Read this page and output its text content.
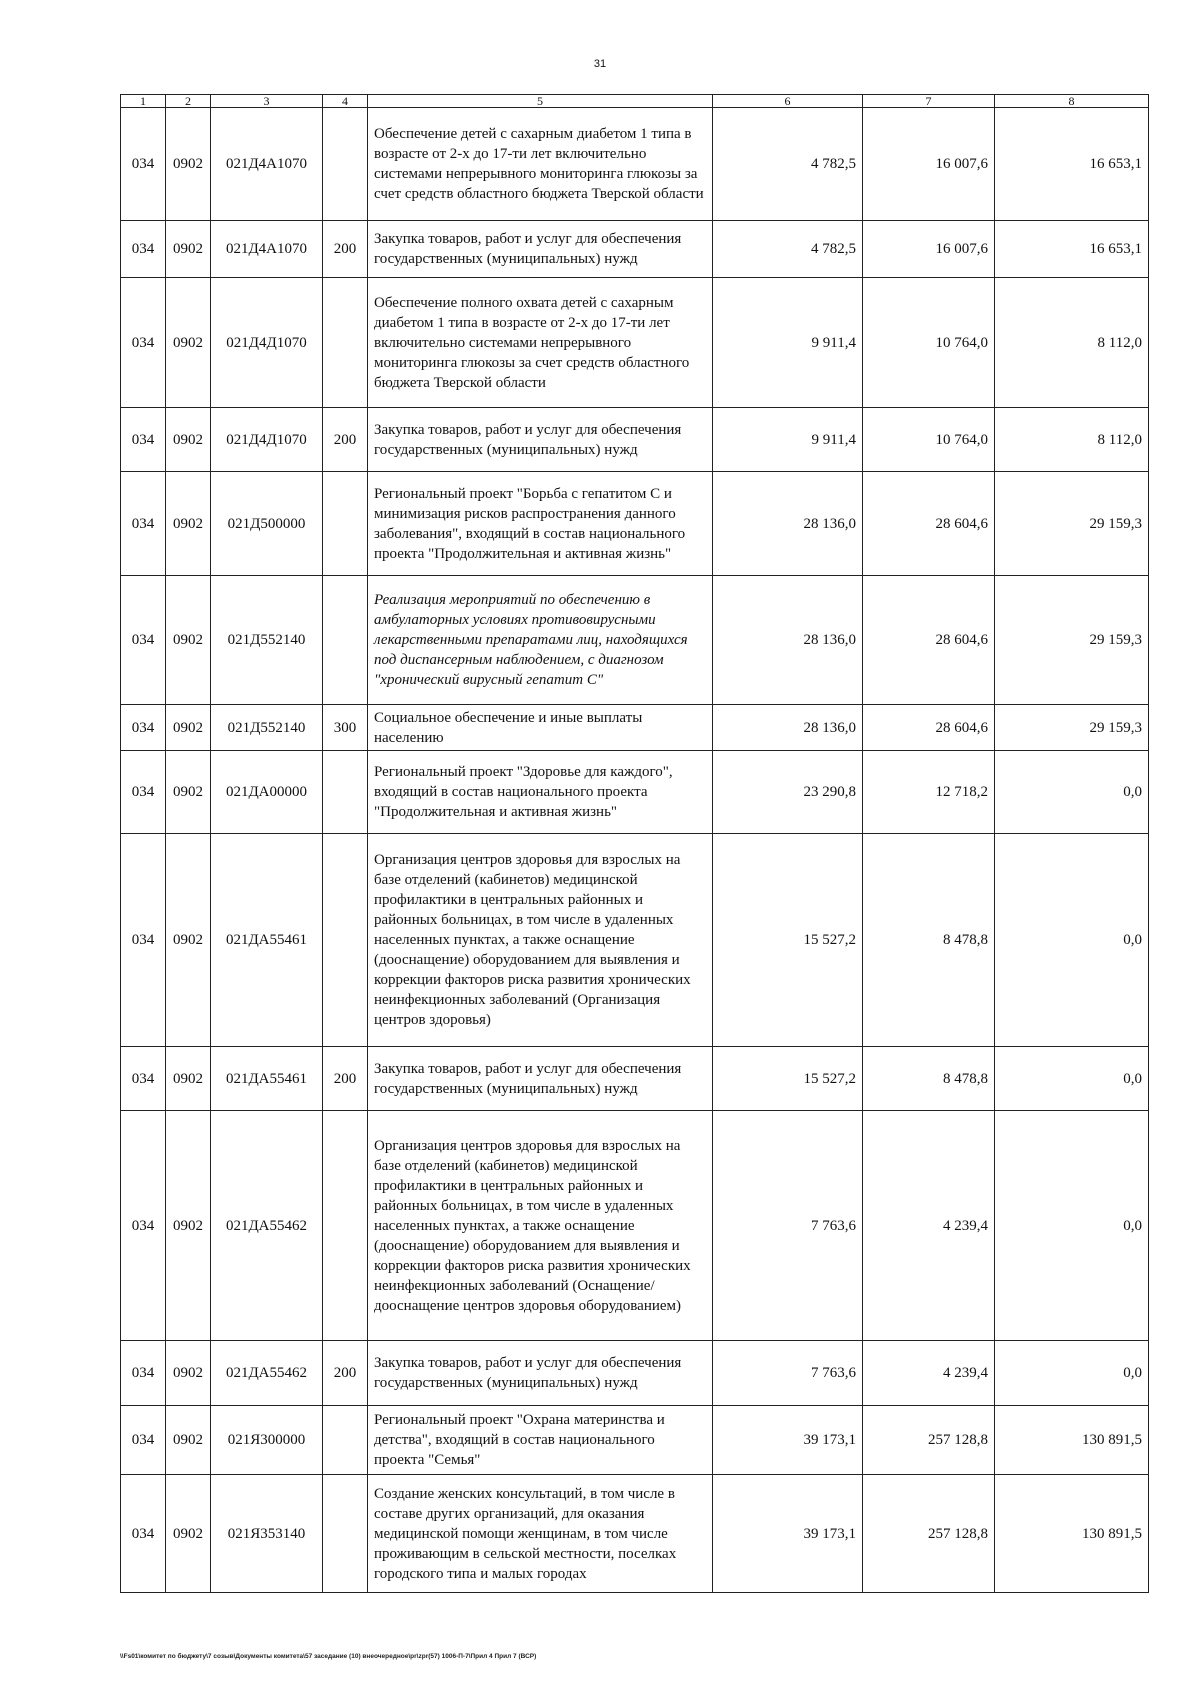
31
1	2	3	4	5	6	7	8
034	0902	021Д4А1070		Обеспечение детей с сахарным диабетом 1 типа в возрасте от 2-х до 17-ти лет включительно системами непрерывного мониторинга глюкозы за счет средств областного бюджета Тверской области	4 782,5	16 007,6	16 653,1
034	0902	021Д4А1070	200	Закупка товаров, работ и услуг для обеспечения государственных (муниципальных) нужд	4 782,5	16 007,6	16 653,1
034	0902	021Д4Д1070		Обеспечение полного охвата детей с сахарным диабетом 1 типа в возрасте от 2-х до 17-ти лет включительно системами непрерывного мониторинга глюкозы за счет средств областного бюджета Тверской области	9 911,4	10 764,0	8 112,0
034	0902	021Д4Д1070	200	Закупка товаров, работ и услуг для обеспечения государственных (муниципальных) нужд	9 911,4	10 764,0	8 112,0
034	0902	021Д500000		Региональный проект "Борьба с гепатитом С и минимизация рисков распространения данного заболевания", входящий в состав национального проекта "Продолжительная и активная жизнь"	28 136,0	28 604,6	29 159,3
034	0902	021Д552140		Реализация мероприятий по обеспечению в амбулаторных условиях противовирусными лекарственными препаратами лиц, находящихся под диспансерным наблюдением, с диагнозом "хронический вирусный гепатит С"	28 136,0	28 604,6	29 159,3
034	0902	021Д552140	300	Социальное обеспечение и иные выплаты населению	28 136,0	28 604,6	29 159,3
034	0902	021ДА00000		Региональный проект "Здоровье для каждого", входящий в состав национального проекта "Продолжительная и активная жизнь"	23 290,8	12 718,2	0,0
034	0902	021ДА55461		Организация центров здоровья для взрослых на базе отделений (кабинетов) медицинской профилактики в центральных районных и районных больницах, в том числе в удаленных населенных пунктах, а также оснащение (дооснащение) оборудованием для выявления и коррекции факторов риска развития хронических неинфекционных заболеваний (Организация центров здоровья)	15 527,2	8 478,8	0,0
034	0902	021ДА55461	200	Закупка товаров, работ и услуг для обеспечения государственных (муниципальных) нужд	15 527,2	8 478,8	0,0
034	0902	021ДА55462		Организация центров здоровья для взрослых на базе отделений (кабинетов) медицинской профилактики в центральных районных и районных больницах, в том числе в удаленных населенных пунктах, а также оснащение (дооснащение) оборудованием для выявления и коррекции факторов риска развития хронических неинфекционных заболеваний (Оснащение/дооснащение центров здоровья оборудованием)	7 763,6	4 239,4	0,0
034	0902	021ДА55462	200	Закупка товаров, работ и услуг для обеспечения государственных (муниципальных) нужд	7 763,6	4 239,4	0,0
034	0902	021Я300000		Региональный проект "Охрана материнства и детства", входящий в состав национального проекта "Семья"	39 173,1	257 128,8	130 891,5
034	0902	021Я353140		Создание женских консультаций, в том числе в составе других организаций, для оказания медицинской помощи женщинам, в том числе проживающим в сельской местности, поселках городского типа и малых городах	39 173,1	257 128,8	130 891,5
\\Fs01\комитет по бюджету\7 созыв\Документы комитета\57 заседание (10) внеочередное\pr\zpr(57) 1006-П-7\Прил 4 Прил 7 (ВСР)
